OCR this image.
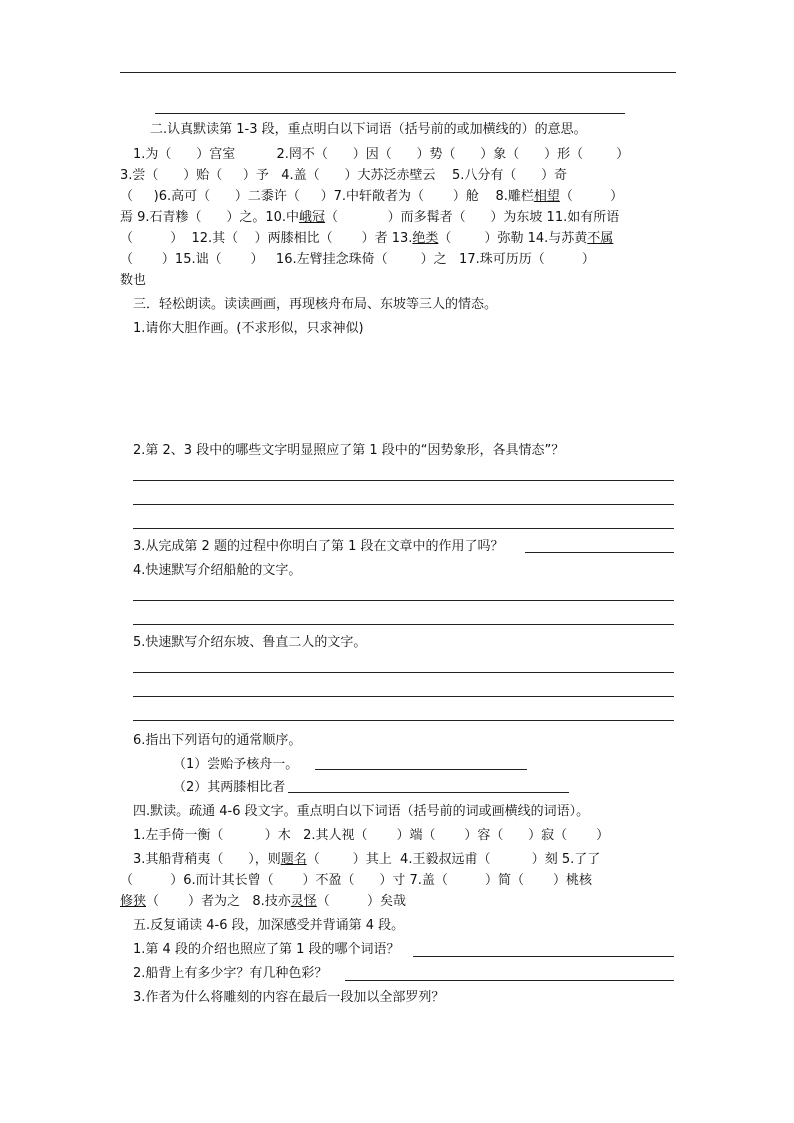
二.认真默读第 1-3 段，重点明白以下词语（括号前的或加横线的）的意思。
1.为（      ）宫室          2.罔不（      ）因（      ）势（      ）象（      ）形（        ）
3.尝（      ）贻（     ）予   4.盖（      ）大苏泛赤壁云    5.八分有（      ）奇
（     )6.高可（      ）二黍许（     ）7.中轩敞者为（       ）舱    8.雕栏相望（         ）
焉 9.石青糁（      ）之。10.中峨冠（            ）而多髯者（      ）为东坡 11.如有所语
（         ）  12.其（    ）两膝相比（       ）者 13.绝类（        ）弥勒 14.与苏黄不属
（       ）15.诎（       ）   16.左臂挂念珠倚（        ）之   17.珠可历历（         ）
数也
三．轻松朗读。读读画画，再现核舟布局、东坡等三人的情态。
1.请你大胆作画。(不求形似，只求神似)
2.第 2、3 段中的哪些文字明显照应了第 1 段中的“因势象形，各具情态”？
3.从完成第 2 题的过程中你明白了第 1 段在文章中的作用了吗？
4.快速默写介绍船舱的文字。
5.快速默写介绍东坡、鲁直二人的文字。
6.指出下列语句的通常顺序。
（1）尝贻予核舟一。
（2）其两膝相比者
四.默读。疏通 4-6 段文字。重点明白以下词语（括号前的词或画横线的词语）。
1.左手倚一衡（          ）木   2.其人视（       ）端（       ）容（      ）寂（       ）
3.其船背稍夷（      ），则题名（        ）其上  4.王毅叔远甫（          ）刻 5.了了
（         ）6.而计其长曾（       ）不盈（      ）寸 7.盖（         ）简（       ）桃核
修狭（       ）者为之   8.技亦灵怪（         ）矣哉
五.反复诵读 4-6 段，加深感受并背诵第 4 段。
1.第 4 段的介绍也照应了第 1 段的哪个词语？
2.船背上有多少字？有几种色彩？
3.作者为什么将雕刻的内容在最后一段加以全部罗列？
